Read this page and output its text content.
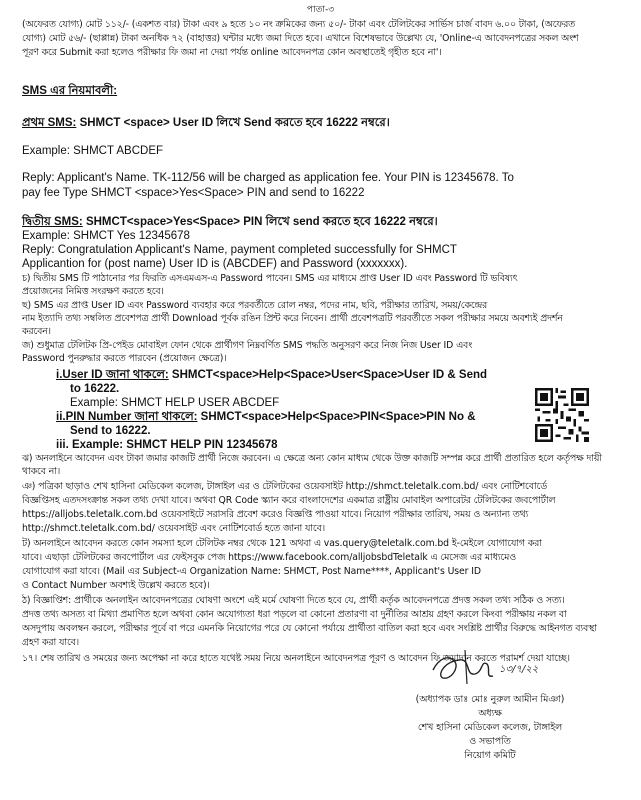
পাতা-৩
(অফেরত যোগ্য) মোট ১১২/- (একশত বার) টাকা এবং ৯ হতে ১০ নং ক্রমিকের জন্য ৫০/- টাকা এবং টেলিটকের সার্ভিস চার্জ বাবদ ৬.০০ টাকা, (অফেরত
যোগ্য) মোট ৫৬/- (ছাপ্পান্ন) টাকা অনধিক ৭২ (বাহাত্তর) ঘন্টার মধ্যে জমা দিতে হবে। এখানে বিশেষভাবে উল্লেখ্য যে, 'Online-এ আবেদনপত্রের সকল অংশ
পূরণ করে Submit করা হলেও পরীক্ষার ফি জমা না দেয়া পর্যন্ত online আবেদনপত্র কোন অবস্থাতেই গৃহীত হবে না'।
SMS এর নিয়মাবলী:
প্রথম SMS: SHMCT <space> User ID লিখে Send করতে হবে 16222 নম্বরে।
Example: SHMCT ABCDEF
Reply: Applicant's Name. TK-112/56 will be charged as application fee. Your PIN is 12345678. To
pay fee Type SHMCT <space>Yes<Space> PIN and send to 16222
দ্বিতীয় SMS: SHMCT<space>Yes<Space> PIN লিখে send করতে হবে 16222 নম্বরে।
Example: SHMCT Yes 12345678
Reply: Congratulation Applicant's Name, payment completed successfully for SHMCT
Applicantion for (post name) User ID is (ABCDEF) and Password (xxxxxxx).
চ) দ্বিতীয় SMS টি পাঠানোর পর ফিরতি এসএমএস-এ Password পাবেন। SMS এর মাধ্যমে প্রাপ্ত User ID এবং Password টি ভবিষ্যৎ
প্রয়োজনের নিমিত্ত সংরক্ষণ করতে হবে।
ছ) SMS এর প্রাপ্ত User ID এবং Password ব্যবহার করে পরবর্তীতে রোল নম্বর, পদের নাম, ছবি, পরীক্ষার তারিখ, সময়/কেন্দ্রের
নাম ইত্যাদি তথ্য সম্বলিত প্রবেশপত্র প্রার্থী Download পূর্বক রঙিন প্রিন্ট করে নিবেন। প্রার্থী প্রবেশপত্রটি পরবর্তীতে সকল পরীক্ষার সময়ে অবশ্যই প্রদর্শন
করবেন।
জ) শুধুমাত্র টেলিটক প্রি-পেইড মোবাইল ফোন থেকে প্রার্থীগণ নিম্নবর্ণিত SMS পদ্ধতি অনুসরণ করে নিজ নিজ User ID এবং
Password পুনরুদ্ধার করতে পারবেন (প্রয়োজন ক্ষেত্রে)।
i.User ID জানা থাকলে: SHMCT<space>Help<Space>User<Space>User ID & Send
to 16222.
Example: SHMCT HELP USER ABCDEF
ii.PIN Number জানা থাকলে: SHMCT<space>Help<Space>PIN<Space>PIN No &
Send to 16222.
iii. Example: SHMCT HELP PIN 12345678
ঝ) অনলাইনে আবেদন এবং টাকা জমার কাজটি প্রার্থী নিজে করবেন। এ ক্ষেত্রে অন্য কোন মাধ্যম থেকে উক্ত কাজটি সম্পন্ন করে প্রার্থী প্রতারিত হলে কর্তৃপক্ষ দায়ী
থাকবে না।
ঞ) পত্রিকা ছাড়াও শেখ হাসিনা মেডিকেল কলেজ, টাঙ্গাইল এর ও টেলিটকের ওয়েবসাইট http://shmct.teletalk.com.bd/ এবং নোটিশবোর্ডে
বিজ্ঞপ্তিসহ এতদসংক্রান্ত সকল তথ্য দেখা যাবে। অথবা QR Code স্ক্যান করে বাংলাদেশের একমাত্র রাষ্ট্রীয় মোবাইল অপারেটর টেলিটকের জবপোর্টাল
https://alljobs.teletalk.com.bd ওয়েবসাইটে সরাসরি প্রবেশ করেও বিজ্ঞপ্তি পাওয়া যাবে। নিয়োগ পরীক্ষার তারিখ, সময় ও অন্যান্য তথ্য
http://shmct.teletalk.com.bd/ ওয়েবসাইট এবং নোটিশবোর্ড হতে জানা যাবে।
ট) অনলাইনে আবেদন করতে কোন সমস্যা হলে টেলিটক নম্বর থেকে 121 অথবা এ vas.query@teletalk.com.bd ই-মেইলে যোগাযোগ করা
যাবে। এছাড়া টেলিটকের জবপোর্টাল এর ফেইসবুক পেজ https://www.facebook.com/alljobsbdTeletalk এ মেসেজ এর মাধ্যমেও
যোগাযোগ করা যাবে। (Mail এর Subject-এ Organization Name: SHMCT, Post Name****, Applicant's User ID
ও Contact Number অবশ্যই উল্লেখ করতে হবে)।
ঠ) বিজ্ঞাপ্তিশ: প্রার্থীকে অনলাইন আবেদনপত্রের ঘোষণা অংশে এই মর্মে ঘোষণা দিতে হবে যে, প্রার্থী কর্তৃক আবেদনপত্রে প্রদত্ত সকল তথ্য সঠিক ও সত্য।
প্রদত্ত তথ্য অসত্য বা মিথ্যা প্রমাণিত হলে অথবা কোন অযোগ্যতা ধরা পড়লে বা কোনো প্রতারণা বা দুর্নীতির আশ্রয় গ্রহণ করলে কিংবা পরীক্ষায় নকল বা
অসদুপায় অবলম্বন করলে, পরীক্ষার পূর্বে বা পরে এমনকি নিয়োগের পরে যে কোনো পর্যায়ে প্রার্থীতা বাতিল করা হবে এবং সংশ্লিষ্ট প্রার্থীর বিরুদ্ধে আইনগত ব্যবস্থা
গ্রহণ করা যাবে।
১৭। শেষ তারিখ ও সময়ের জন্য অপেক্ষা না করে হাতে যথেষ্ট সময় নিয়ে অনলাইনে আবেদনপত্র পূরণ ও আবেদন ফি জমাদান করতে পরামর্শ দেয়া যাচ্ছে।
১৩/৭/২২
(অধ্যাপক ডাঃ মোঃ নুরুল আমীন মিঞা)
অধ্যক্ষ
শেখ হাসিনা মেডিকেল কলেজ, টাঙ্গাইল
ও সভাপতি
নিয়োগ কমিটি
